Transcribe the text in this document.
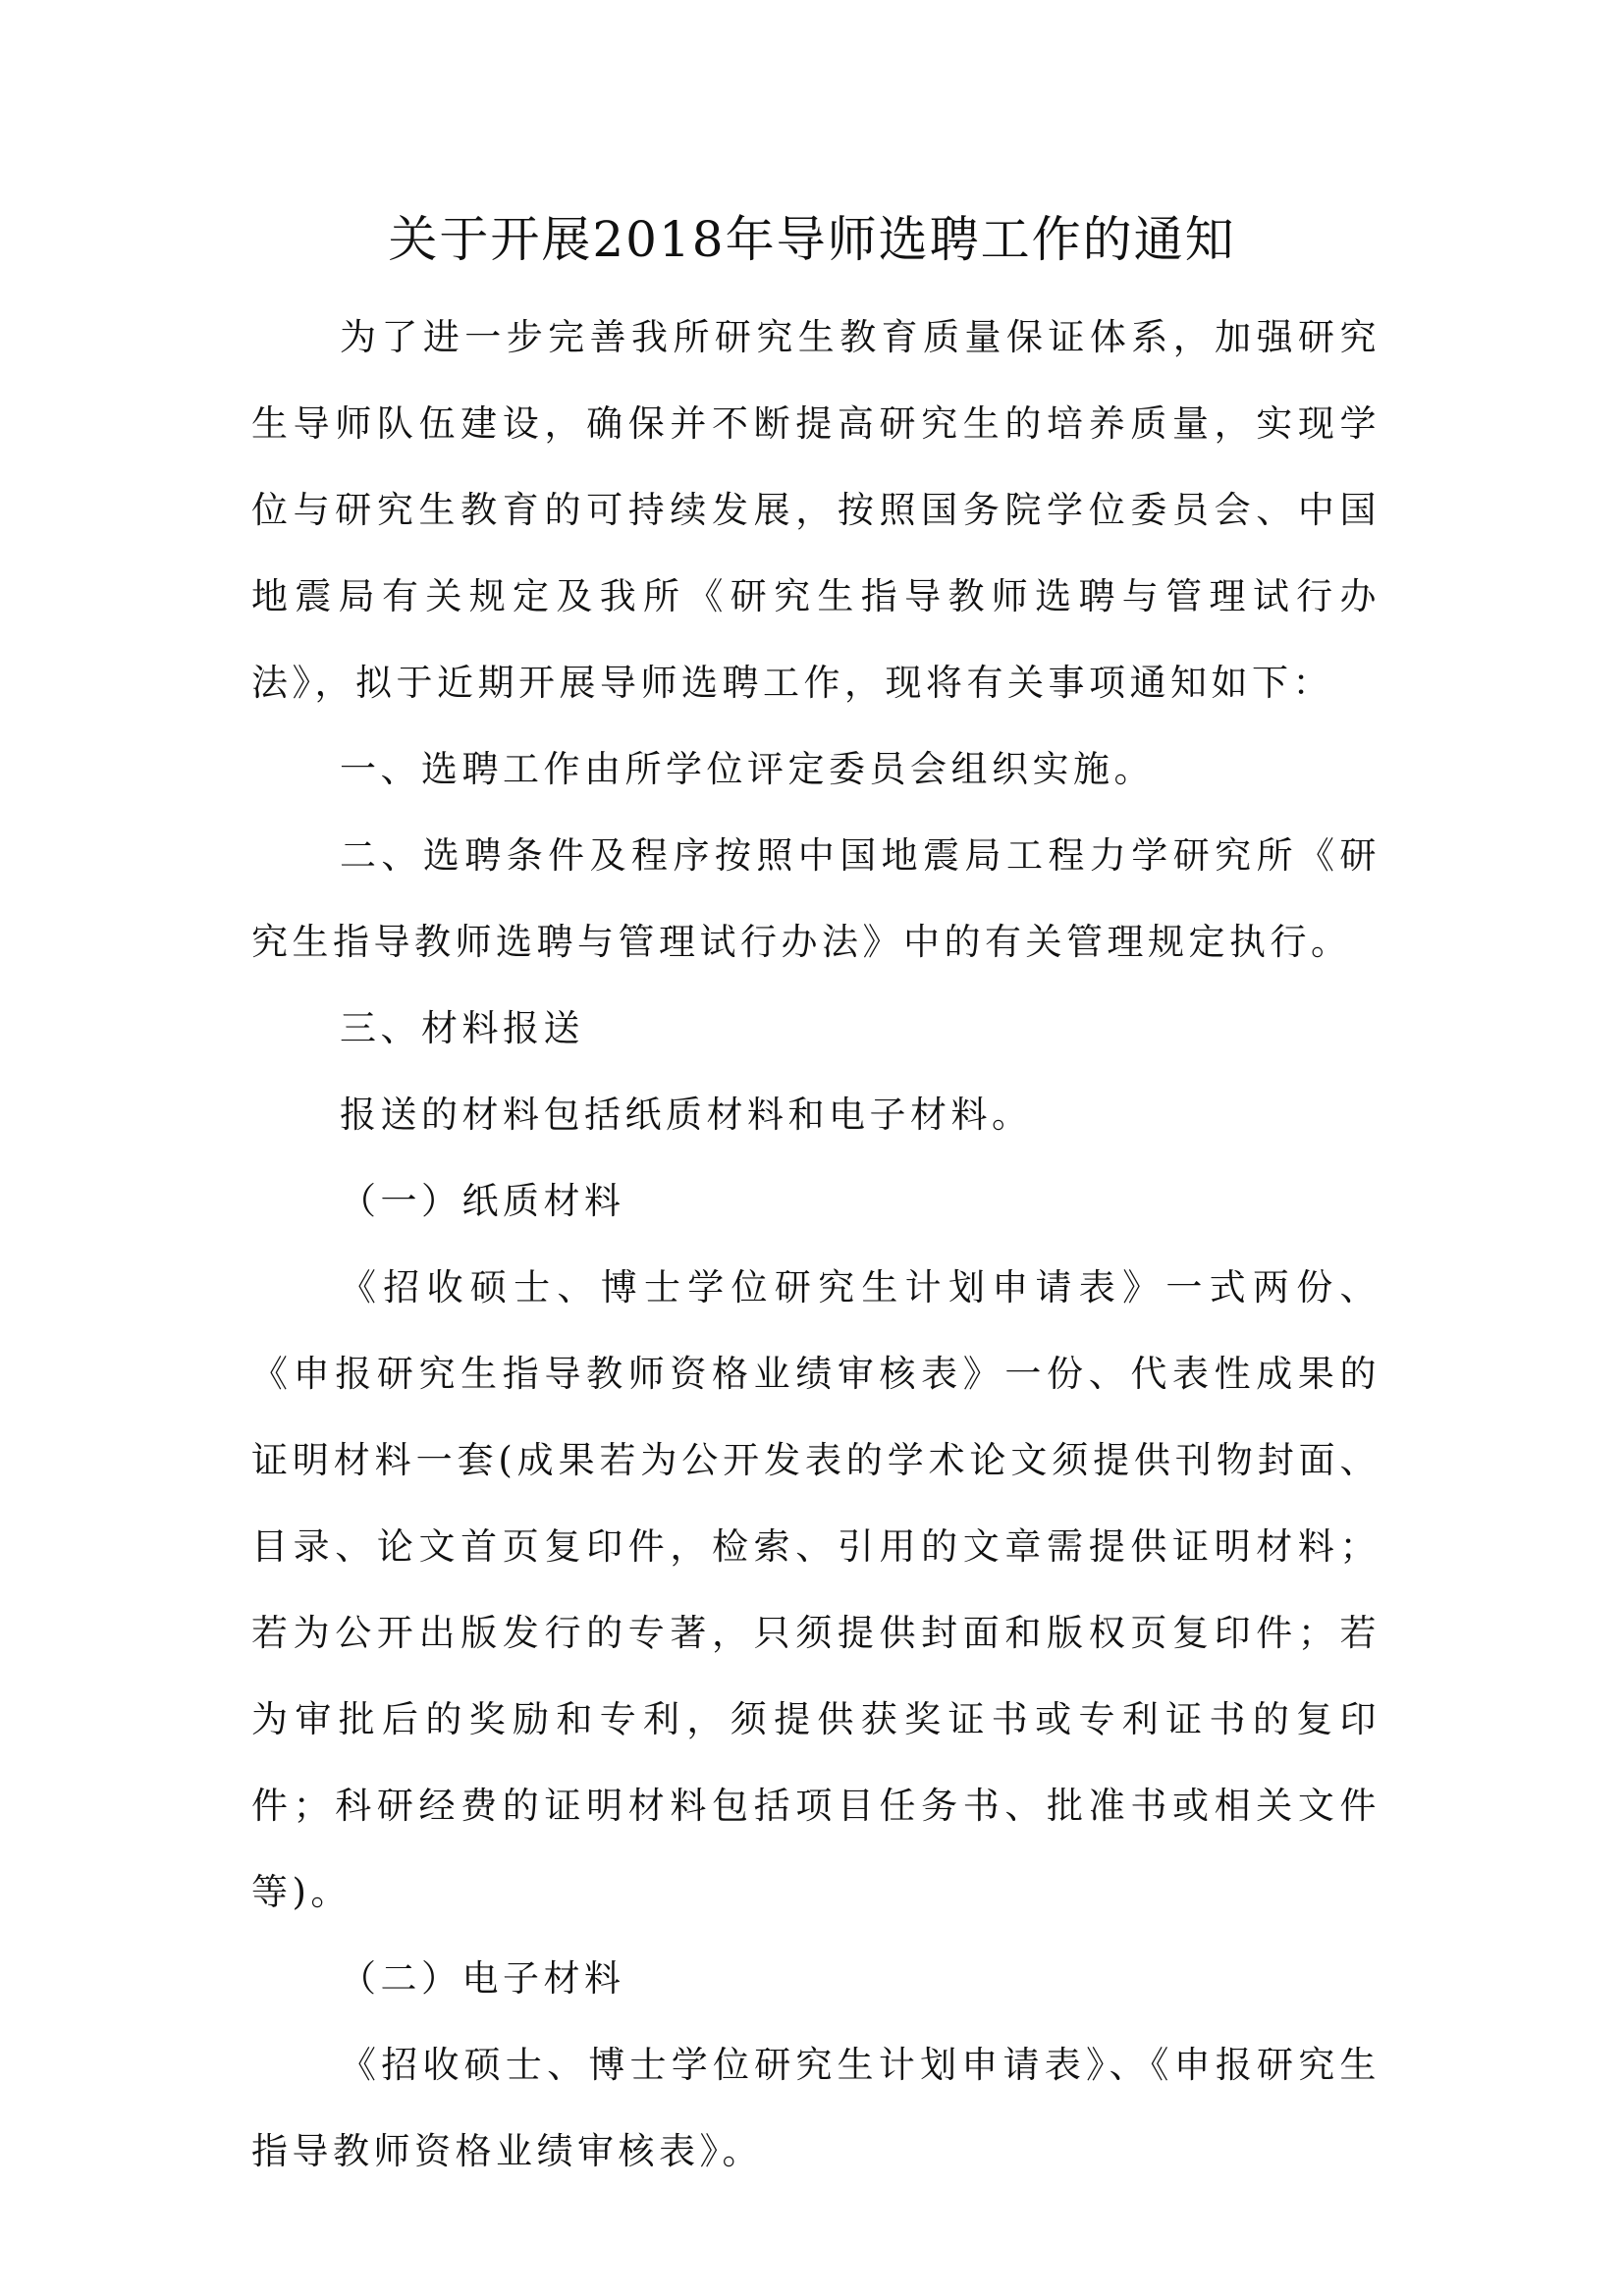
关于开展2018年导师选聘工作的通知

为了进一步完善我所研究生教育质量保证体系，加强研究生导师队伍建设，确保并不断提高研究生的培养质量，实现学位与研究生教育的可持续发展，按照国务院学位委员会、中国地震局有关规定及我所《研究生指导教师选聘与管理试行办法》，拟于近期开展导师选聘工作，现将有关事项通知如下：

一、选聘工作由所学位评定委员会组织实施。

二、选聘条件及程序按照中国地震局工程力学研究所《研究生指导教师选聘与管理试行办法》中的有关管理规定执行。

三、材料报送

报送的材料包括纸质材料和电子材料。

（一）纸质材料

《招收硕士、博士学位研究生计划申请表》一式两份、《申报研究生指导教师资格业绩审核表》一份、代表性成果的证明材料一套(成果若为公开发表的学术论文须提供刊物封面、目录、论文首页复印件，检索、引用的文章需提供证明材料；若为公开出版发行的专著，只须提供封面和版权页复印件；若为审批后的奖励和专利，须提供获奖证书或专利证书的复印件；科研经费的证明材料包括项目任务书、批准书或相关文件等)。

（二）电子材料

《招收硕士、博士学位研究生计划申请表》、《申报研究生指导教师资格业绩审核表》。
